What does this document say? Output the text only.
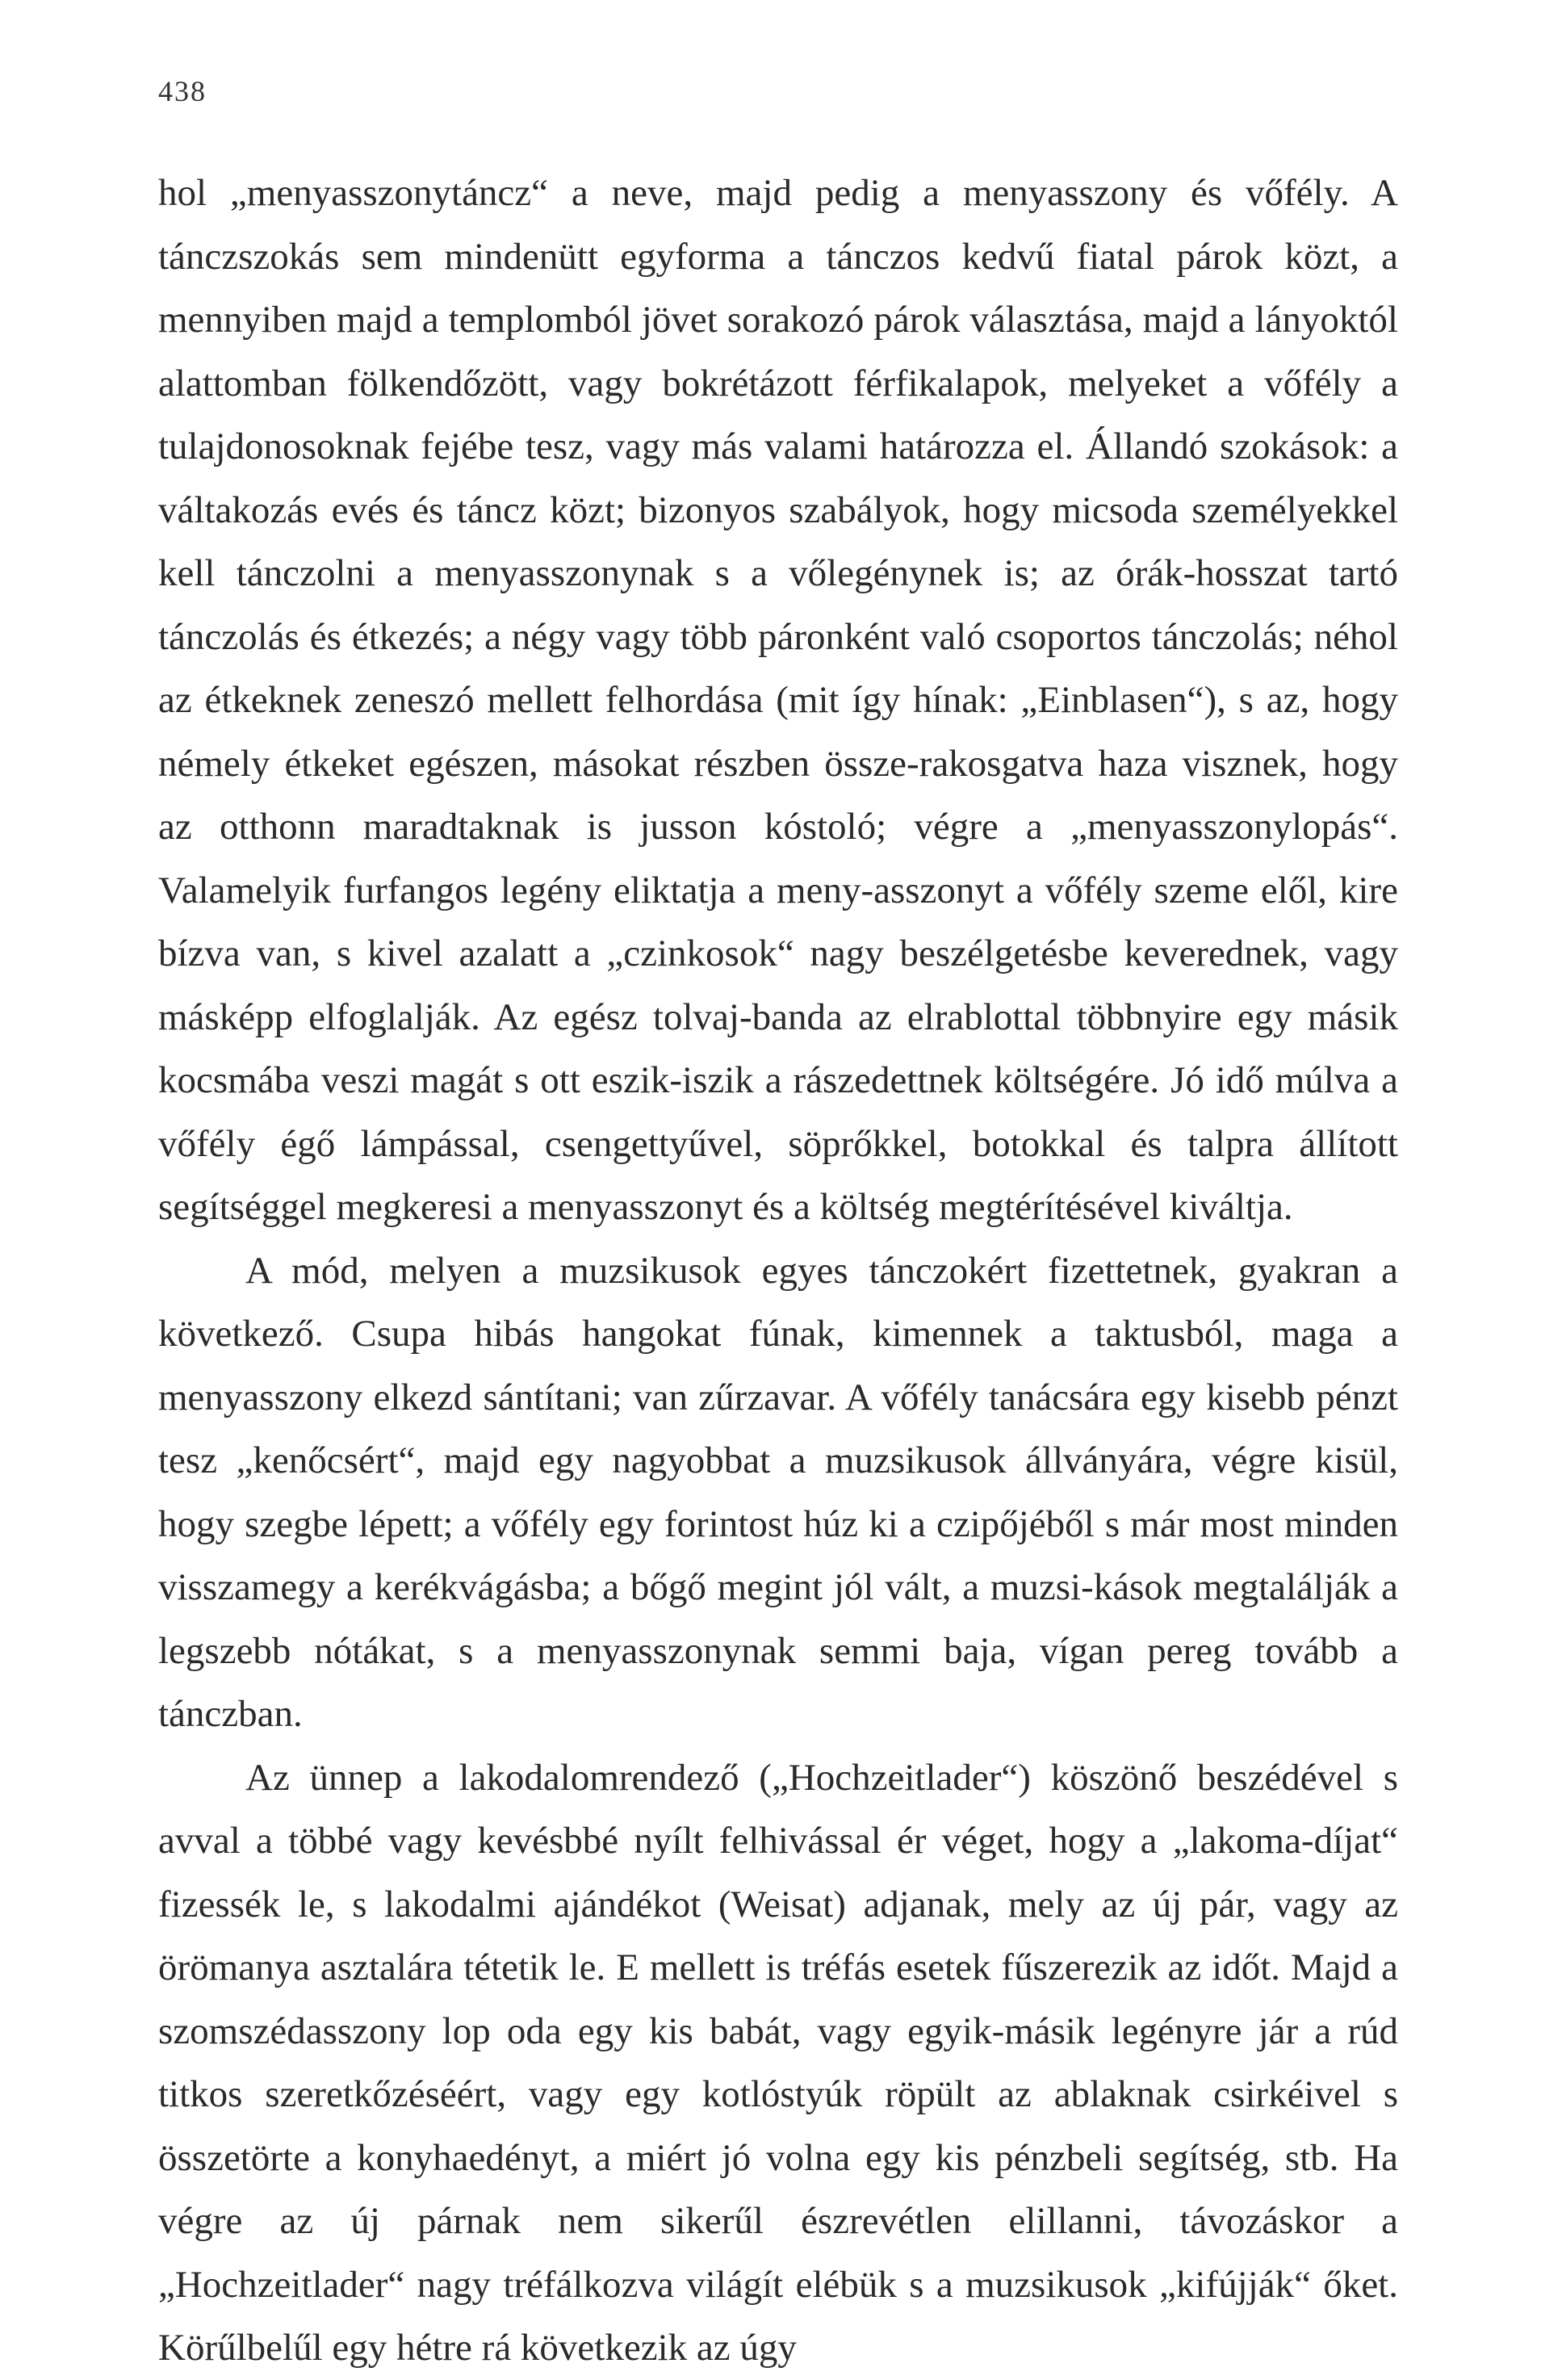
438

hol „menyasszonytáncz“ a neve, majd pedig a menyasszony és vőfély. A tánczszokás sem mindenütt egyforma a tánczos kedvű fiatal párok közt, a mennyiben majd a templomból jövet sorakozó párok választása, majd a lányoktól alattomban fölkendőzött, vagy bokrétázott férfikalapok, melyeket a vőfély a tulajdonosoknak fejébe tesz, vagy más valami határozza el. Állandó szokások: a váltakozás evés és táncz közt; bizonyos szabályok, hogy micsoda személyekkel kell tánczolni a menyasszonynak s a vőlegénynek is; az órák-hosszat tartó tánczolás és étkezés; a négy vagy több páronként való csoportos tánczolás; néhol az étkeknek zeneszó mellett felhordása (mit így hínak: „Einblasen“), s az, hogy némely étkeket egészen, másokat részben össze-rakosgatva haza visznek, hogy az otthonn maradtaknak is jusson kóstoló; végre a „menyasszonylopás“. Valamelyik furfangos legény eliktatja a meny-asszonyt a vőfély szeme elől, kire bízva van, s kivel azalatt a „czinkosok“ nagy beszélgetésbe keverednek, vagy másképp elfoglalják. Az egész tolvaj-banda az elrablottal többnyire egy másik kocsmába veszi magát s ott eszik-iszik a rászedettnek költségére. Jó idő múlva a vőfély égő lámpással, csengettyűvel, söprőkkel, botokkal és talpra állított segítséggel megkeresi a menyasszonyt és a költség megtérítésével kiváltja.

A mód, melyen a muzsikusok egyes tánczokért fizettetnek, gyakran a következő. Csupa hibás hangokat fúnak, kimennek a taktusból, maga a menyasszony elkezd sántítani; van zűrzavar. A vőfély tanácsára egy kisebb pénzt tesz „kenőcsért“, majd egy nagyobbat a muzsikusok állványára, végre kisül, hogy szegbe lépett; a vőfély egy forintost húz ki a czipőjéből s már most minden visszamegy a kerékvágásba; a bőgő megint jól vált, a muzsi-kások megtalálják a legszebb nótákat, s a menyasszonynak semmi baja, vígan pereg tovább a tánczban.

Az ünnep a lakodalomrendező („Hochzeitlader“) köszönő beszédével s avval a többé vagy kevésbbé nyílt felhivással ér véget, hogy a „lakoma-díjat“ fizessék le, s lakodalmi ajándékot (Weisat) adjanak, mely az új pár, vagy az örömanya asztalára tétetik le. E mellett is tréfás esetek fűszerezik az időt. Majd a szomszédasszony lop oda egy kis babát, vagy egyik-másik legényre jár a rúd titkos szeretkőzéséért, vagy egy kotlóstyúk röpült az ablaknak csirkéivel s összetörte a konyhaedényt, a miért jó volna egy kis pénzbeli segítség, stb. Ha végre az új párnak nem sikerűl észrevétlen elillanni, távozáskor a „Hochzeitlader“ nagy tréfálkozva világít elébük s a muzsikusok „kifújják“ őket. Körűlbelűl egy hétre rá következik az úgy
